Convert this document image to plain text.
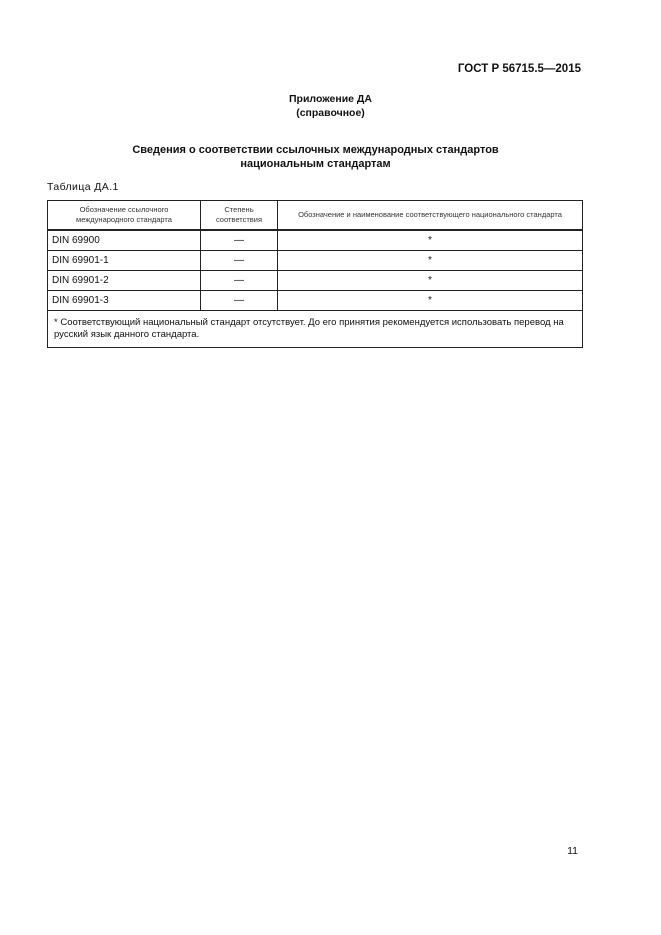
ГОСТ Р 56715.5—2015
Приложение ДА
(справочное)
Сведения о соответствии ссылочных международных стандартов
национальным стандартам
Таблица ДА.1
Обозначение ссылочного международного стандарта	Степень соответствия	Обозначение и наименование соответствующего национального стандарта
DIN 69900	—	*
DIN 69901-1	—	*
DIN 69901-2	—	*
DIN 69901-3	—	*
* Соответствующий национальный стандарт отсутствует. До его принятия рекомендуется использовать перевод на русский язык данного стандарта.		
11
